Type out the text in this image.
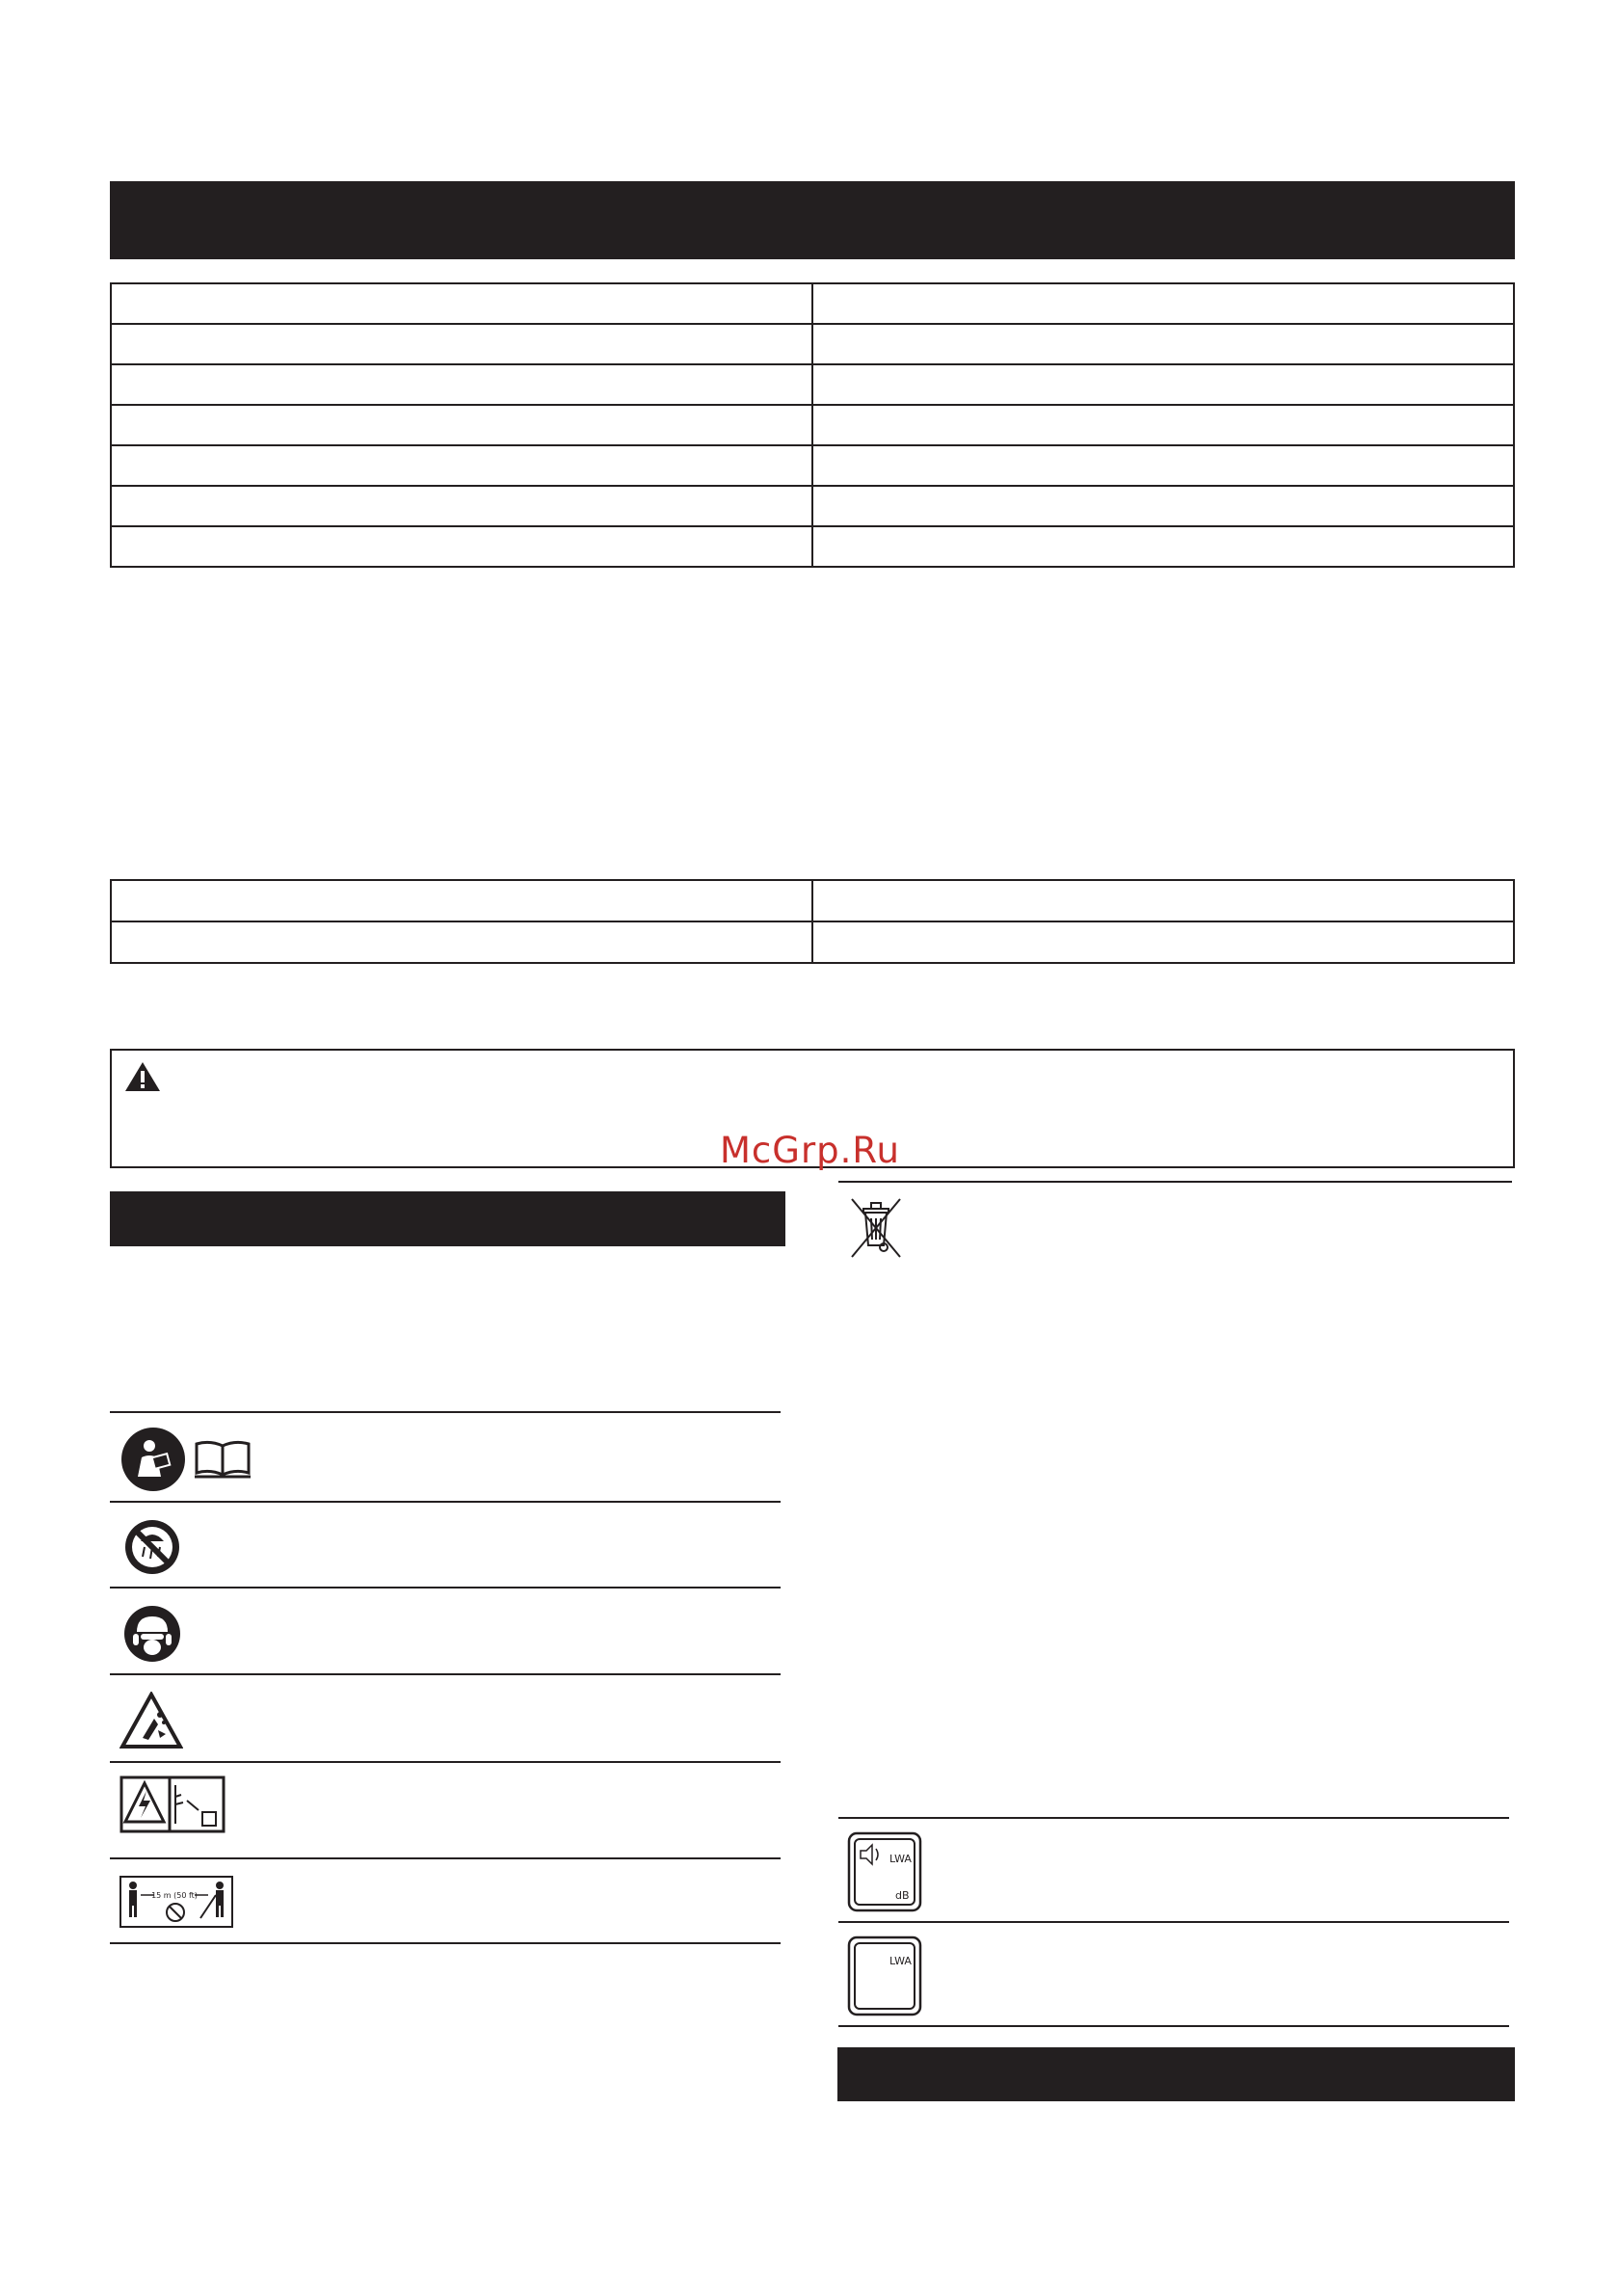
McGrp.Ru
15 m (50 ft)
LWA
dB
LWA
